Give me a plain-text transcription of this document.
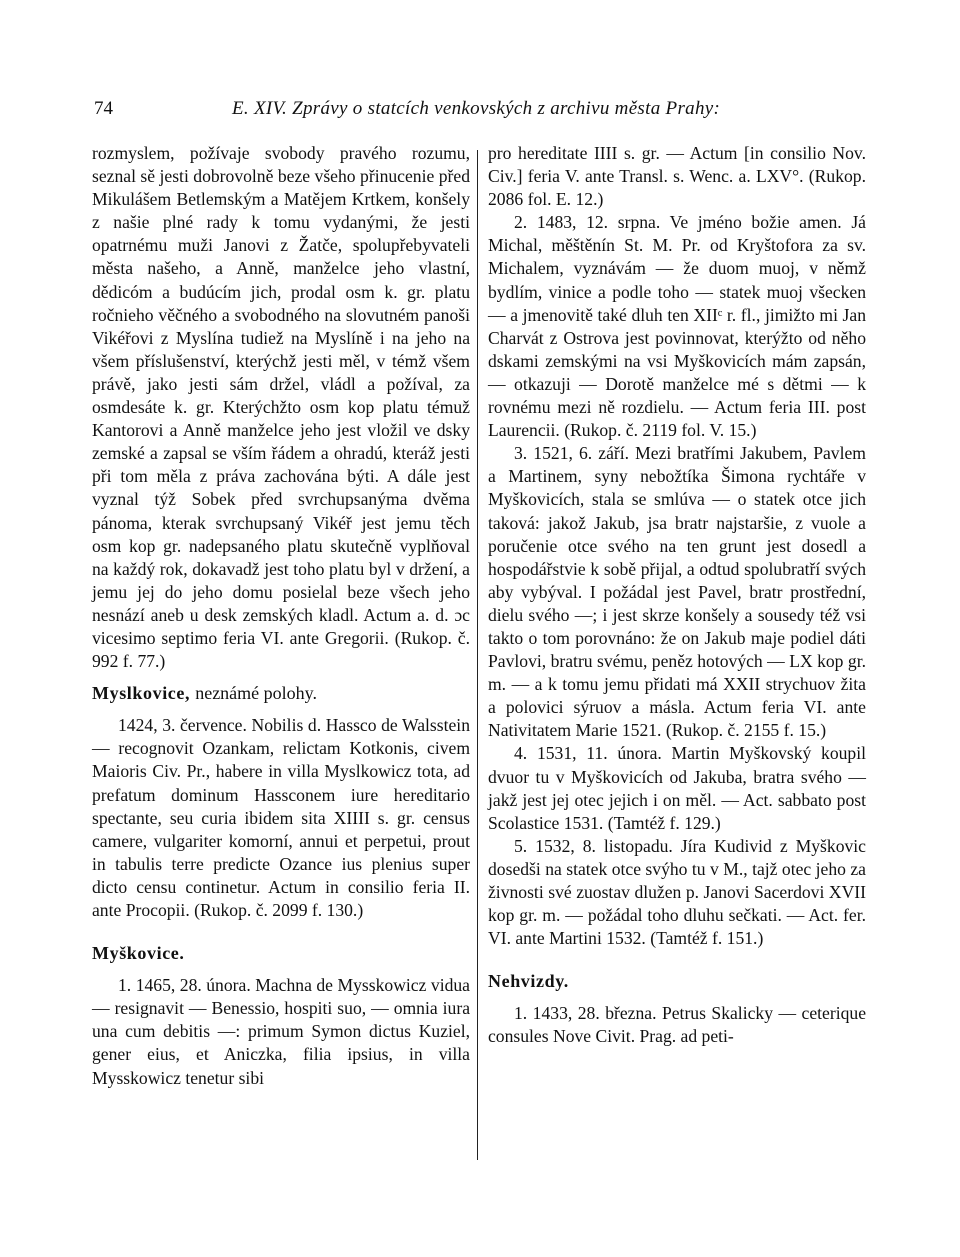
74	E. XIV. Zprávy o statcích venkovských z archivu města Prahy:

rozmyslem, požívaje svobody pravého rozumu, seznal sě jesti dobrovolně beze všeho přinucenie před Mikulášem Betlemským a Matějem Krtkem, konšely z našie plné rady k tomu vydanými, že jesti opatrnému muži Janovi z Žatče, spolupřebyvateli města našeho, a Anně, manželce jeho vlastní, dědicóm a budúcím jich, prodal osm k. gr. platu ročnieho věčného a svobodného na slovutném panoši Vikéřovi z Myslína tudiež na Myslíně i na jeho na všem příslušenství, kterýchž jesti měl, v témž všem právě, jako jesti sám držel, vládl a požíval, za osmdesáte k. gr. Kterýchžto osm kop platu témuž Kantorovi a Anně manželce jeho jest vložil ve dsky zemské a zapsal se vším řádem a ohradú, kteráž jesti při tom měla z práva zachována býti. A dále jest vyznal týž Sobek před svrchupsanýma dvěma pánoma, kterak svrchupsaný Vikéř jest jemu těch osm kop gr. nadepsaného platu skutečně vyplňoval na každý rok, dokavadž jest toho platu byl v držení, a jemu jej do jeho domu posielal beze všech jeho nesnází aneb u desk zemských kladl. Actum a. d. ɔc vicesimo septimo feria VI. ante Gregorii. (Rukop. č. 992 f. 77.)

Myslkovice, neznámé polohy.

1424, 3. července. Nobilis d. Hassco de Walsstein — recognovit Ozankam, relictam Kotkonis, civem Maioris Civ. Pr., habere in villa Myslkowicz tota, ad prefatum dominum Hassconem iure hereditario spectante, seu curia ibidem sita XIIII s. gr. census camere, vulgariter komorní, annui et perpetui, prout in tabulis terre predicte Ozance ius plenius super dicto censu continetur. Actum in consilio feria II. ante Procopii. (Rukop. č. 2099 f. 130.)

Myškovice.

1. 1465, 28. února. Machna de Mysskowicz vidua — resignavit — Benessio, hospiti suo, — omnia iura una cum debitis —: primum Symon dictus Kuziel, gener eius, et Aniczka, filia ipsius, in villa Mysskowicz tenetur sibi

pro hereditate IIII s. gr. — Actum [in consilio Nov. Civ.] feria V. ante Transl. s. Wenc. a. LXV°. (Rukop. 2086 fol. E. 12.)

2. 1483, 12. srpna. Ve jméno božie amen. Já Michal, měštěnín St. M. Pr. od Kryštofora za sv. Michalem, vyznávám — že duom muoj, v němž bydlím, vinice a podle toho — statek muoj všecken — a jmenovitě také dluh ten XIIᶜ r. fl., jimižto mi Jan Charvát z Ostrova jest povinnovat, kterýžto od něho dskami zemskými na vsi Myškovicích mám zapsán, — otkazuji — Dorotě manželce mé s dětmi — k rovnému mezi ně rozdielu. — Actum feria III. post Laurencii. (Rukop. č. 2119 fol. V. 15.)

3. 1521, 6. září. Mezi bratřími Jakubem, Pavlem a Martinem, syny nebožtíka Šimona rychtáře v Myškovicích, stala se smlúva — o statek otce jich taková: jakož Jakub, jsa bratr najstaršie, z vuole a poručenie otce svého na ten grunt jest dosedl a hospodářstvie k sobě přijal, a odtud spolubratří svých aby vybýval. I požádal jest Pavel, bratr prostřední, dielu svého —; i jest skrze konšely a sousedy též vsi takto o tom porovnáno: že on Jakub maje podiel dáti Pavlovi, bratru svému, peněz hotových — LX kop gr. m. — a k tomu jemu přidati má XXII strychuov žita a polovici sýruov a másla. Actum feria VI. ante Nativitatem Marie 1521. (Rukop. č. 2155 f. 15.)

4. 1531, 11. února. Martin Myškovský koupil dvuor tu v Myškovicích od Jakuba, bratra svého — jakž jest jej otec jejich i on měl. — Act. sabbato post Scolastice 1531. (Tamtéž f. 129.)

5. 1532, 8. listopadu. Jíra Kudivid z Myškovic dosedši na statek otce svýho tu v M., tajž otec jeho za živnosti své zuostav dlužen p. Janovi Sacerdovi XVII kop gr. m. — požádal toho dluhu sečkati. — Act. fer. VI. ante Martini 1532. (Tamtéž f. 151.)

Nehvizdy.

1. 1433, 28. března. Petrus Skalicky — ceterique consules Nove Civit. Prag. ad peti-
